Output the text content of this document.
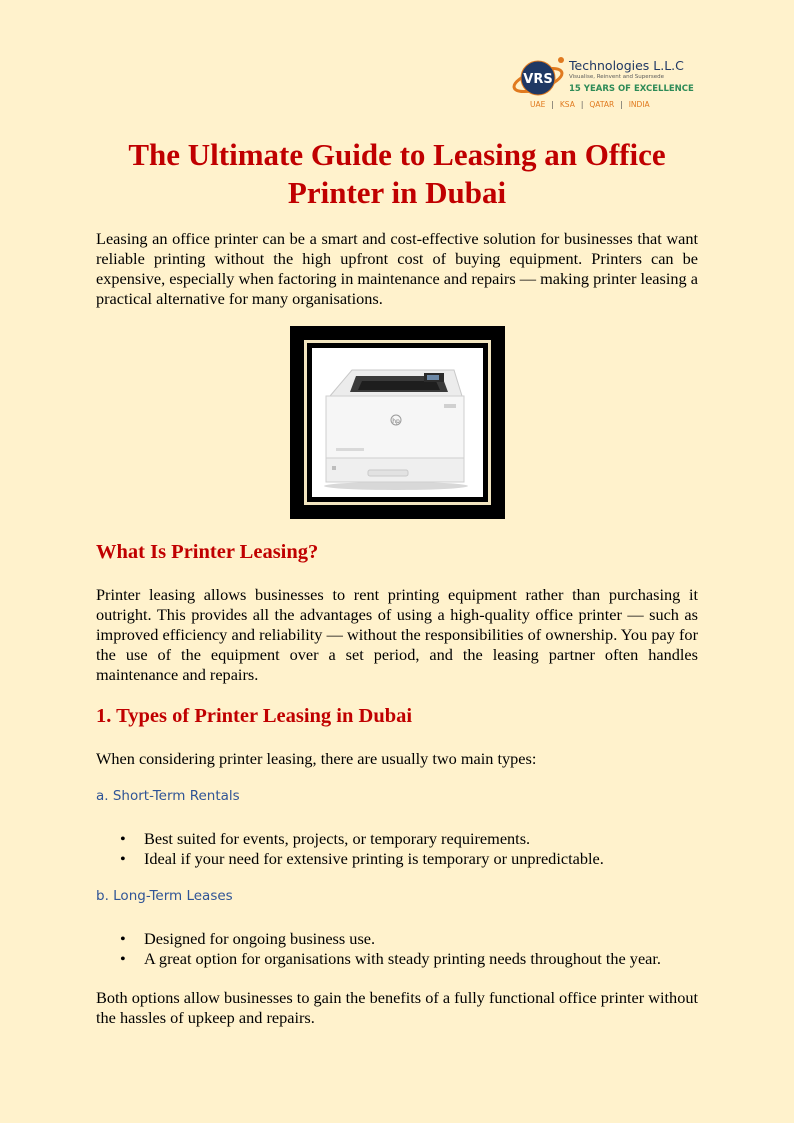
VRS
Technologies L.L.C
Visualise, Reinvent and Supersede
15 YEARS OF EXCELLENCE
UAE | KSA | QATAR | INDIA
The Ultimate Guide to Leasing an Office Printer in Dubai

Leasing an office printer can be a smart and cost-effective solution for businesses that want reliable printing without the high upfront cost of buying equipment. Printers can be expensive, especially when factoring in maintenance and repairs — making printer leasing a practical alternative for many organisations.

hp
What Is Printer Leasing?

Printer leasing allows businesses to rent printing equipment rather than purchasing it outright. This provides all the advantages of using a high-quality office printer — such as improved efficiency and reliability — without the responsibilities of ownership. You pay for the use of the equipment over a set period, and the leasing partner often handles maintenance and repairs.

1. Types of Printer Leasing in Dubai

When considering printer leasing, there are usually two main types:

a. Short-Term Rentals
• Best suited for events, projects, or temporary requirements.
• Ideal if your need for extensive printing is temporary or unpredictable.
b. Long-Term Leases
• Designed for ongoing business use.
• A great option for organisations with steady printing needs throughout the year.

Both options allow businesses to gain the benefits of a fully functional office printer without the hassles of upkeep and repairs.
